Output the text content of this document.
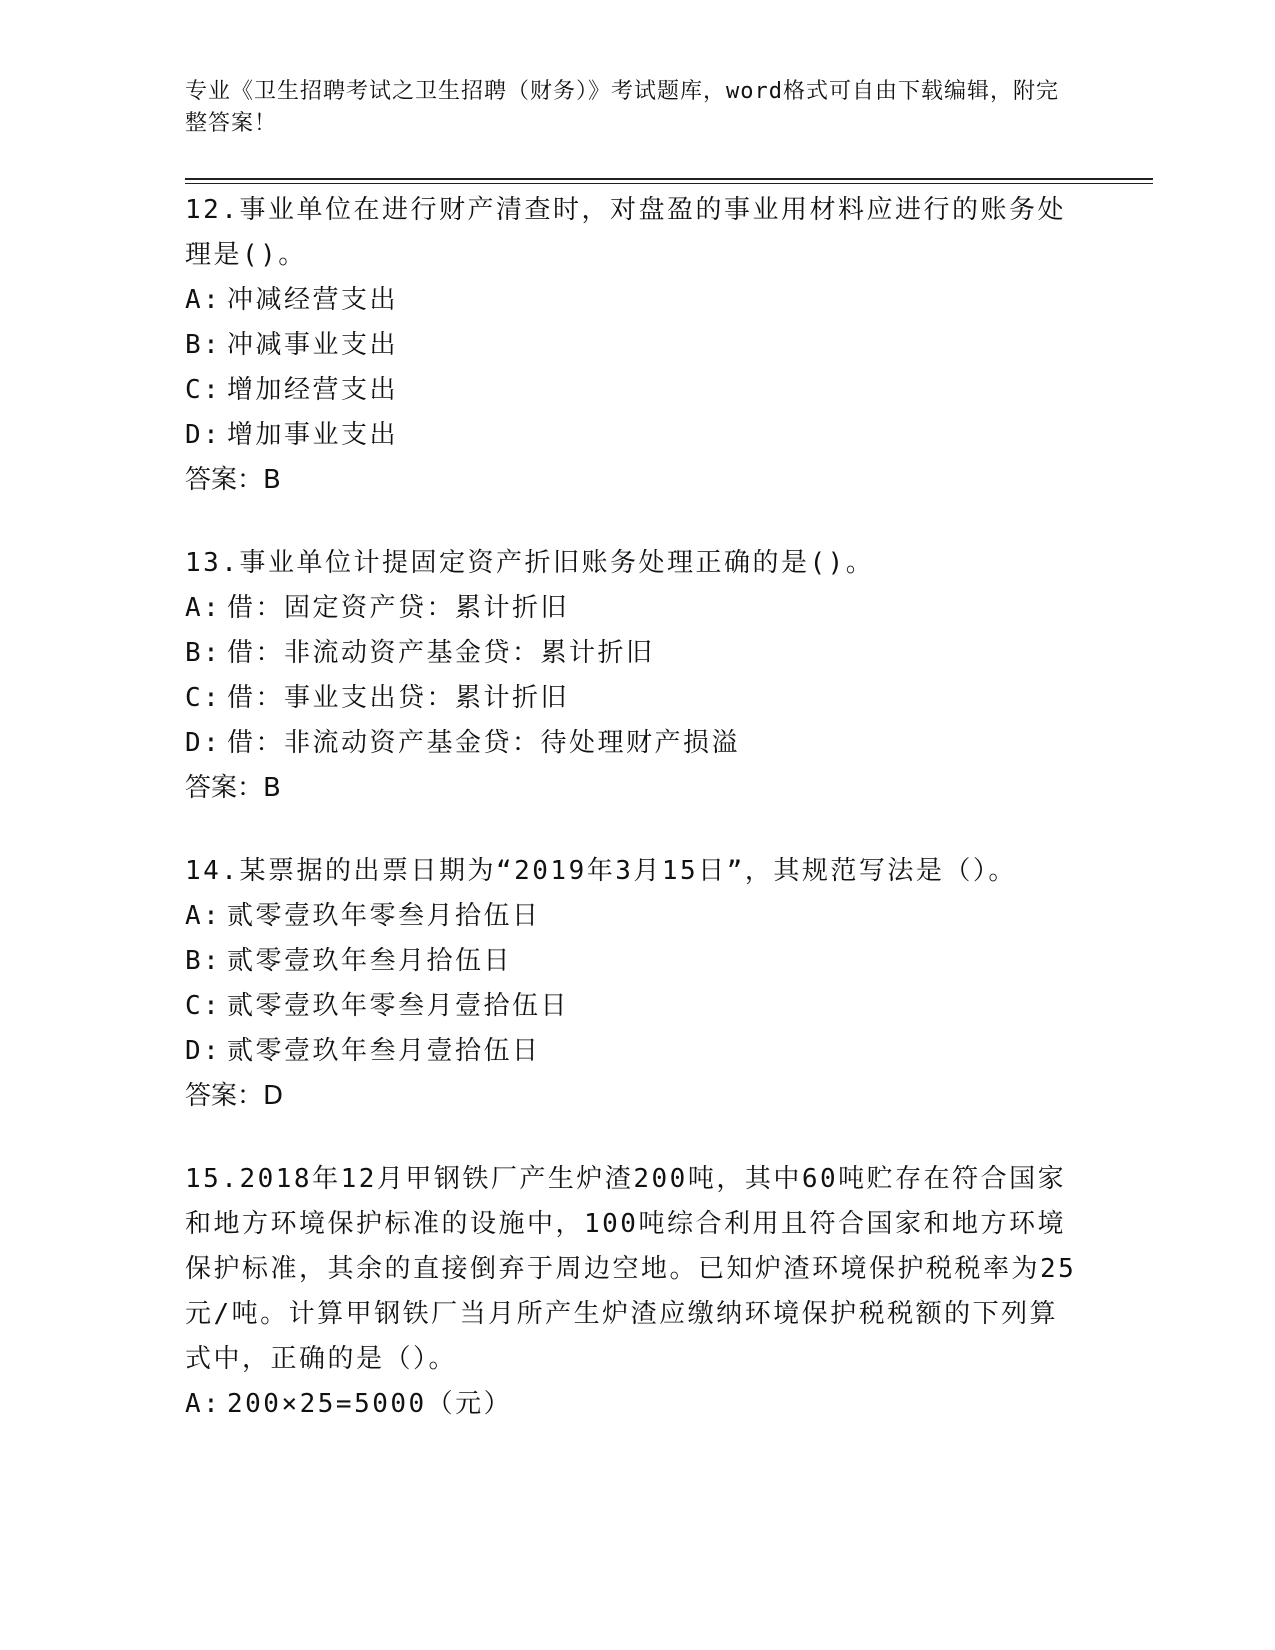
专业《卫生招聘考试之卫生招聘（财务）》考试题库，word格式可自由下载编辑，附完整答案！
12.事业单位在进行财产清查时，对盘盈的事业用材料应进行的账务处理是()。
A: 冲减经营支出
B: 冲减事业支出
C: 增加经营支出
D: 增加事业支出
答案：B
13.事业单位计提固定资产折旧账务处理正确的是()。
A: 借：固定资产贷：累计折旧
B: 借：非流动资产基金贷：累计折旧
C: 借：事业支出贷：累计折旧
D: 借：非流动资产基金贷：待处理财产损溢
答案：B
14.某票据的出票日期为“2019年3月15日”，其规范写法是（）。
A: 贰零壹玖年零叁月拾伍日
B: 贰零壹玖年叁月拾伍日
C: 贰零壹玖年零叁月壹拾伍日
D: 贰零壹玖年叁月壹拾伍日
答案：D
15.2018年12月甲钢铁厂产生炉渣200吨，其中60吨贮存在符合国家和地方环境保护标准的设施中，100吨综合利用且符合国家和地方环境保护标准，其余的直接倒弃于周边空地。已知炉渣环境保护税税率为25元/吨。计算甲钢铁厂当月所产生炉渣应缴纳环境保护税税额的下列算式中，正确的是（）。
A: 200×25=5000（元）
